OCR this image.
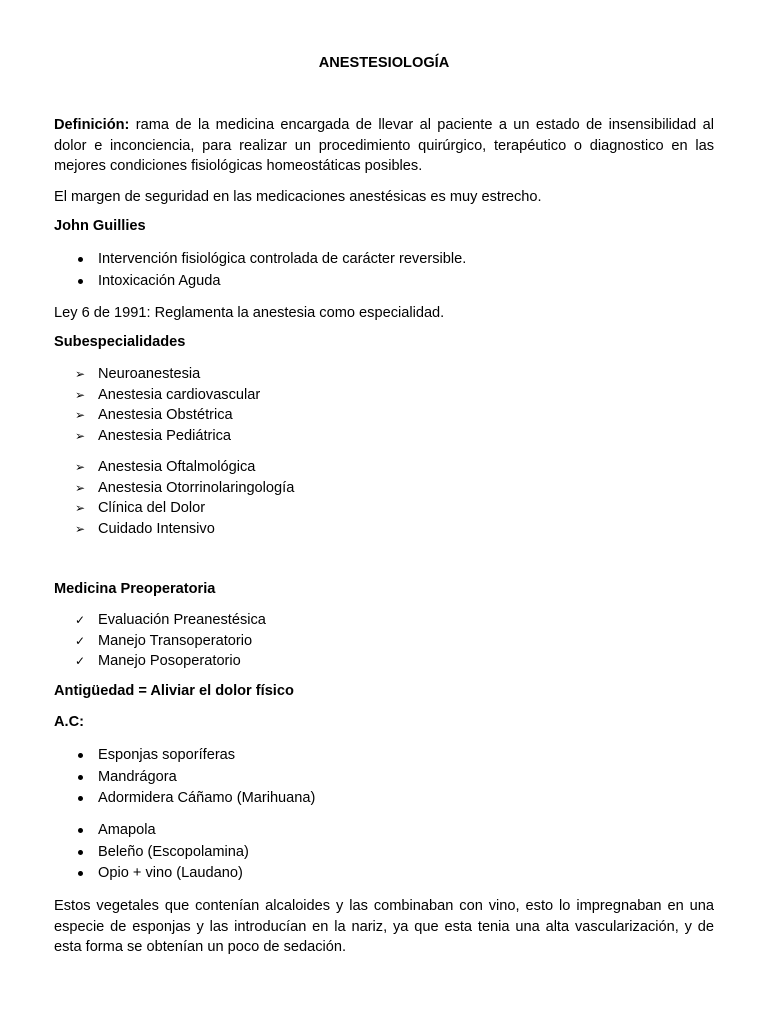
ANESTESIOLOGÍA

Definición: rama de la medicina encargada de llevar al paciente a un estado de insensibilidad al dolor e inconciencia, para realizar un procedimiento quirúrgico, terapéutico o diagnostico en las mejores condiciones fisiológicas homeostáticas posibles.

El margen de seguridad en las medicaciones anestésicas es muy estrecho.

John Guillies

Intervención fisiológica controlada de carácter reversible.
Intoxicación Aguda

Ley 6 de 1991: Reglamenta la anestesia como especialidad.

Subespecialidades

➢ Neuroanestesia
➢ Anestesia cardiovascular
➢ Anestesia Obstétrica
➢ Anestesia Pediátrica
➢ Anestesia Oftalmológica
➢ Anestesia Otorrinolaringología
➢ Clínica del Dolor
➢ Cuidado Intensivo

Medicina Preoperatoria

✓ Evaluación Preanestésica
✓ Manejo Transoperatorio
✓ Manejo Posoperatorio

Antigüedad = Aliviar el dolor físico

A.C:

Esponjas soporíferas
Mandrágora
Adormidera Cáñamo (Marihuana)
Amapola
Beleño (Escopolamina)
Opio + vino (Laudano)

Estos vegetales que contenían alcaloides y las combinaban con vino, esto lo impregnaban en una especie de esponjas y las introducían en la nariz, ya que esta tenia una alta vascularización, y de esta forma se obtenían un poco de sedación.
